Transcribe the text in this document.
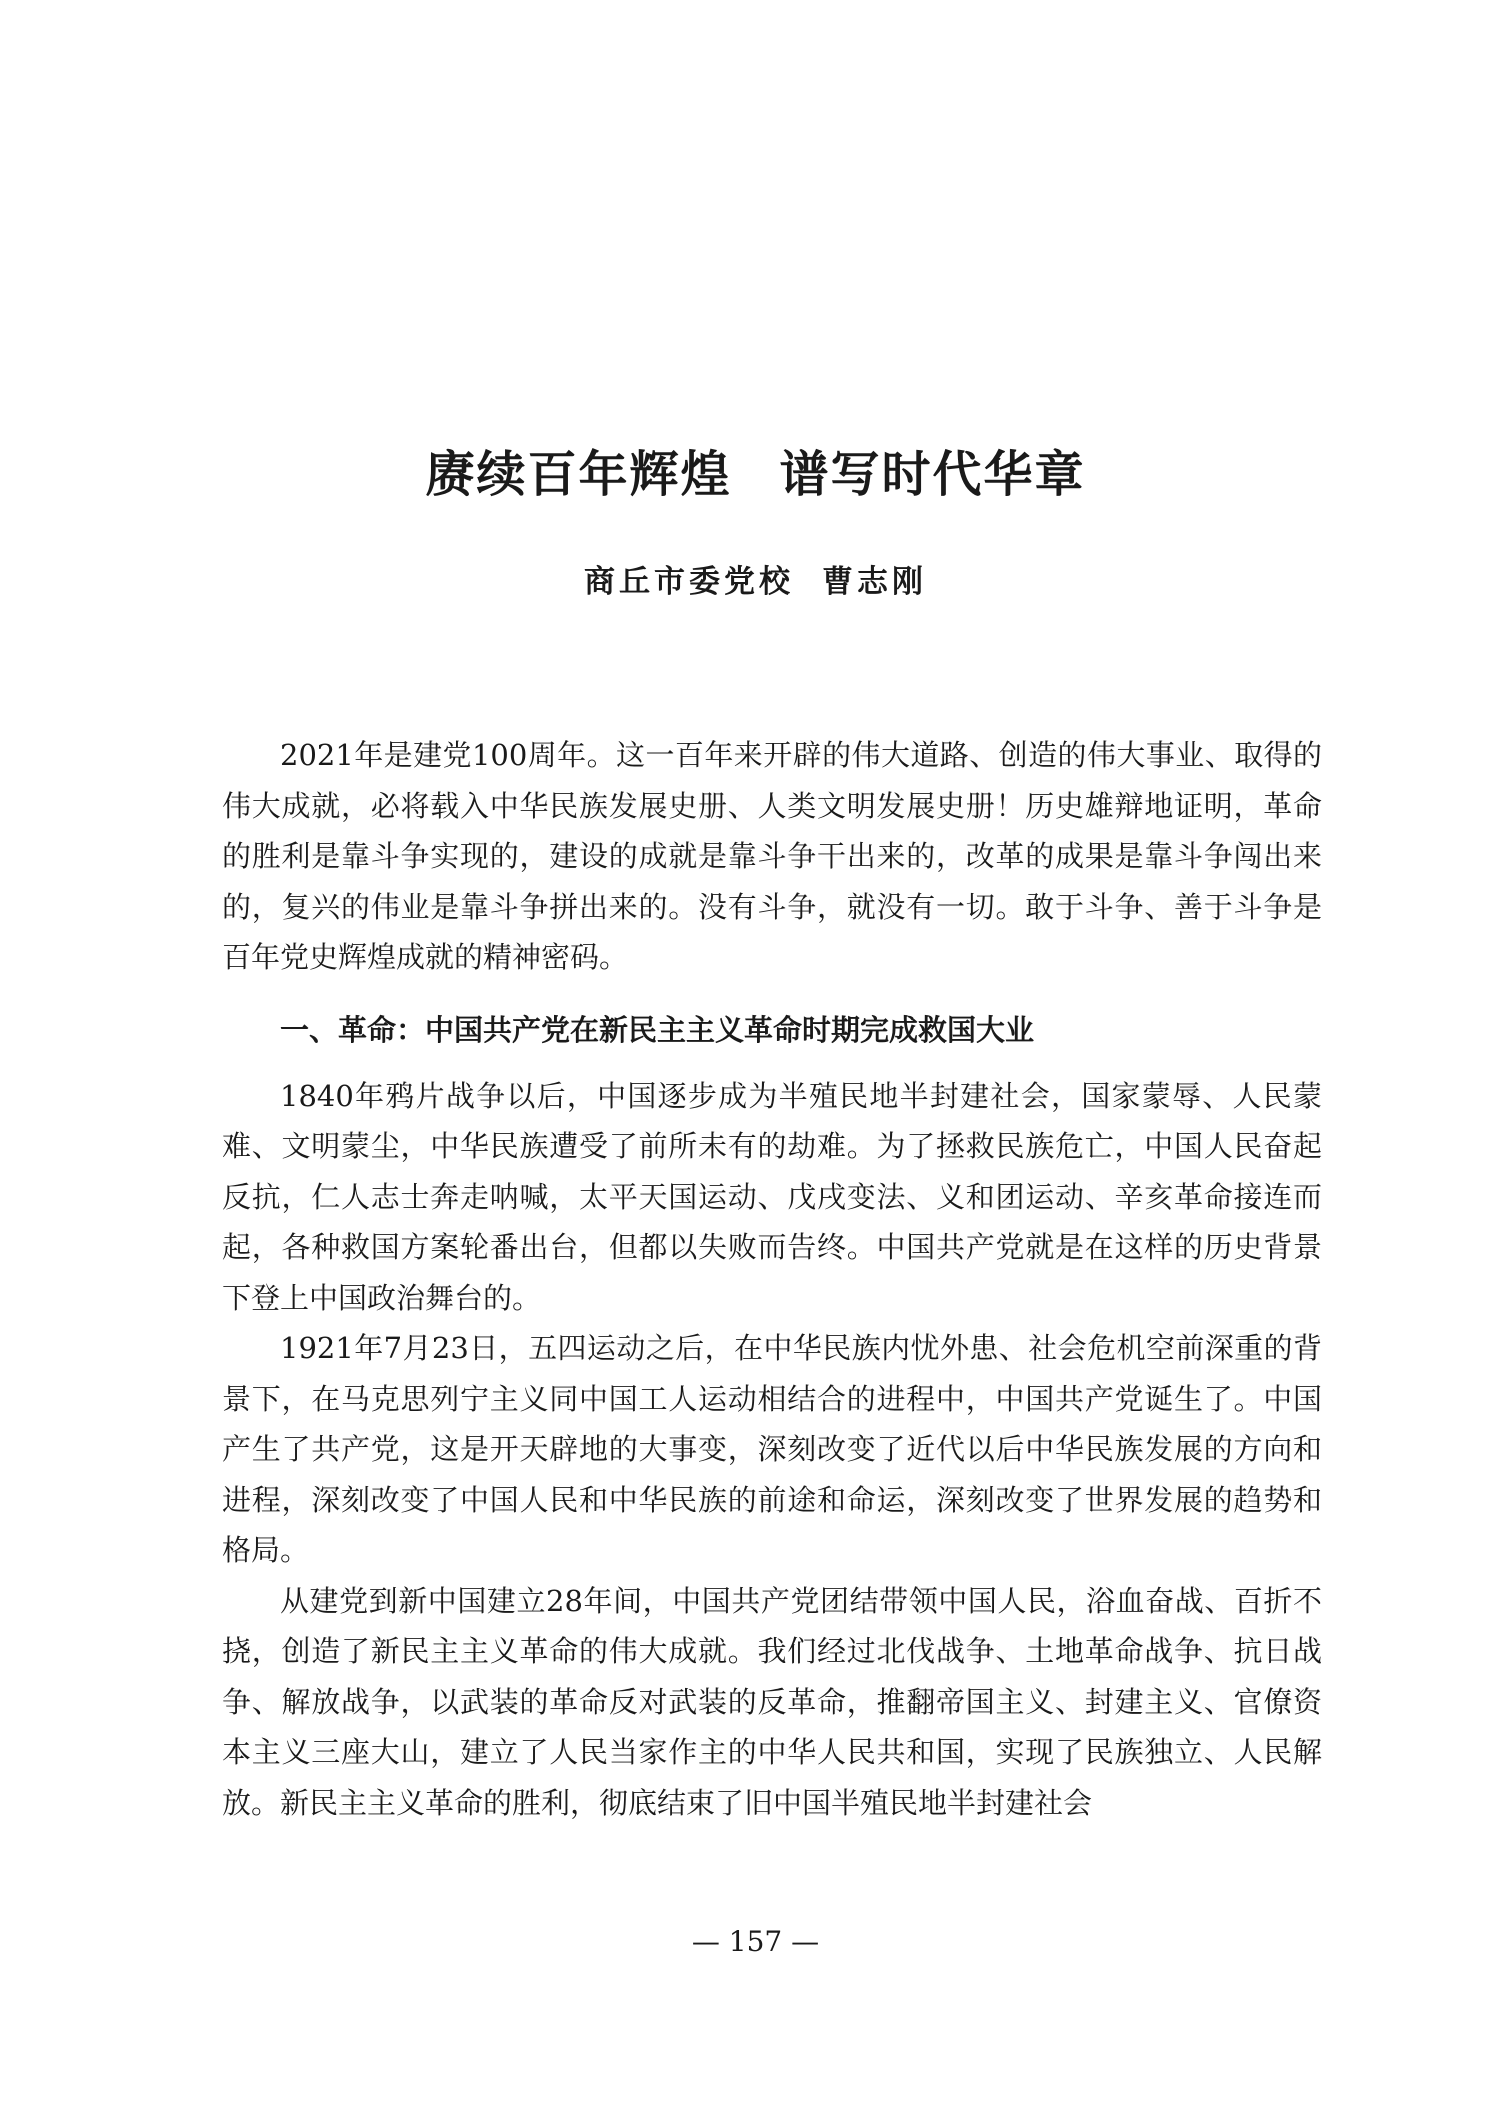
赓续百年辉煌 谱写时代华章
商丘市委党校 曹志刚

2021年是建党100周年。这一百年来开辟的伟大道路、创造的伟大事业、取得的伟大成就，必将载入中华民族发展史册、人类文明发展史册！历史雄辩地证明，革命的胜利是靠斗争实现的，建设的成就是靠斗争干出来的，改革的成果是靠斗争闯出来的，复兴的伟业是靠斗争拼出来的。没有斗争，就没有一切。敢于斗争、善于斗争是百年党史辉煌成就的精神密码。

一、革命：中国共产党在新民主主义革命时期完成救国大业

1840年鸦片战争以后，中国逐步成为半殖民地半封建社会，国家蒙辱、人民蒙难、文明蒙尘，中华民族遭受了前所未有的劫难。为了拯救民族危亡，中国人民奋起反抗，仁人志士奔走呐喊，太平天国运动、戊戌变法、义和团运动、辛亥革命接连而起，各种救国方案轮番出台，但都以失败而告终。中国共产党就是在这样的历史背景下登上中国政治舞台的。

1921年7月23日，五四运动之后，在中华民族内忧外患、社会危机空前深重的背景下，在马克思列宁主义同中国工人运动相结合的进程中，中国共产党诞生了。中国产生了共产党，这是开天辟地的大事变，深刻改变了近代以后中华民族发展的方向和进程，深刻改变了中国人民和中华民族的前途和命运，深刻改变了世界发展的趋势和格局。

从建党到新中国建立28年间，中国共产党团结带领中国人民，浴血奋战、百折不挠，创造了新民主主义革命的伟大成就。我们经过北伐战争、土地革命战争、抗日战争、解放战争，以武装的革命反对武装的反革命，推翻帝国主义、封建主义、官僚资本主义三座大山，建立了人民当家作主的中华人民共和国，实现了民族独立、人民解放。新民主主义革命的胜利，彻底结束了旧中国半殖民地半封建社会

— 157 —
